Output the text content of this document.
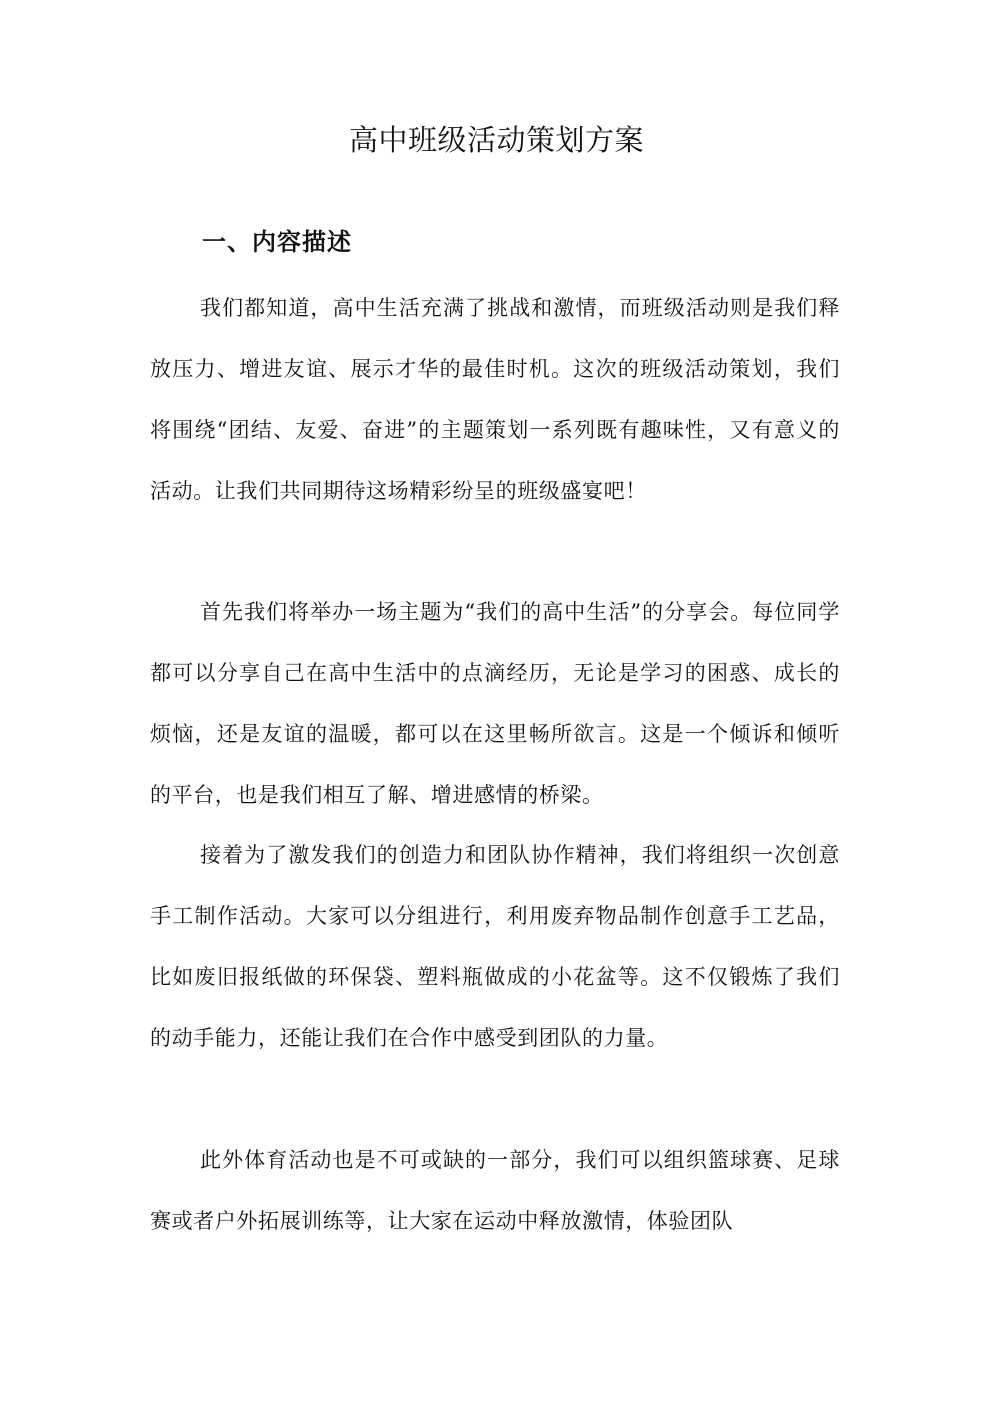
高中班级活动策划方案
一、内容描述

我们都知道，高中生活充满了挑战和激情，而班级活动则是我们释放压力、增进友谊、展示才华的最佳时机。这次的班级活动策划，我们将围绕“团结、友爱、奋进”的主题策划一系列既有趣味性，又有意义的活动。让我们共同期待这场精彩纷呈的班级盛宴吧！

首先我们将举办一场主题为“我们的高中生活”的分享会。每位同学都可以分享自己在高中生活中的点滴经历，无论是学习的困惑、成长的烦恼，还是友谊的温暖，都可以在这里畅所欲言。这是一个倾诉和倾听的平台，也是我们相互了解、增进感情的桥梁。

接着为了激发我们的创造力和团队协作精神，我们将组织一次创意手工制作活动。大家可以分组进行，利用废弃物品制作创意手工艺品，比如废旧报纸做的环保袋、塑料瓶做成的小花盆等。这不仅锻炼了我们的动手能力，还能让我们在合作中感受到团队的力量。

此外体育活动也是不可或缺的一部分，我们可以组织篮球赛、足球赛或者户外拓展训练等，让大家在运动中释放激情，体验团队
